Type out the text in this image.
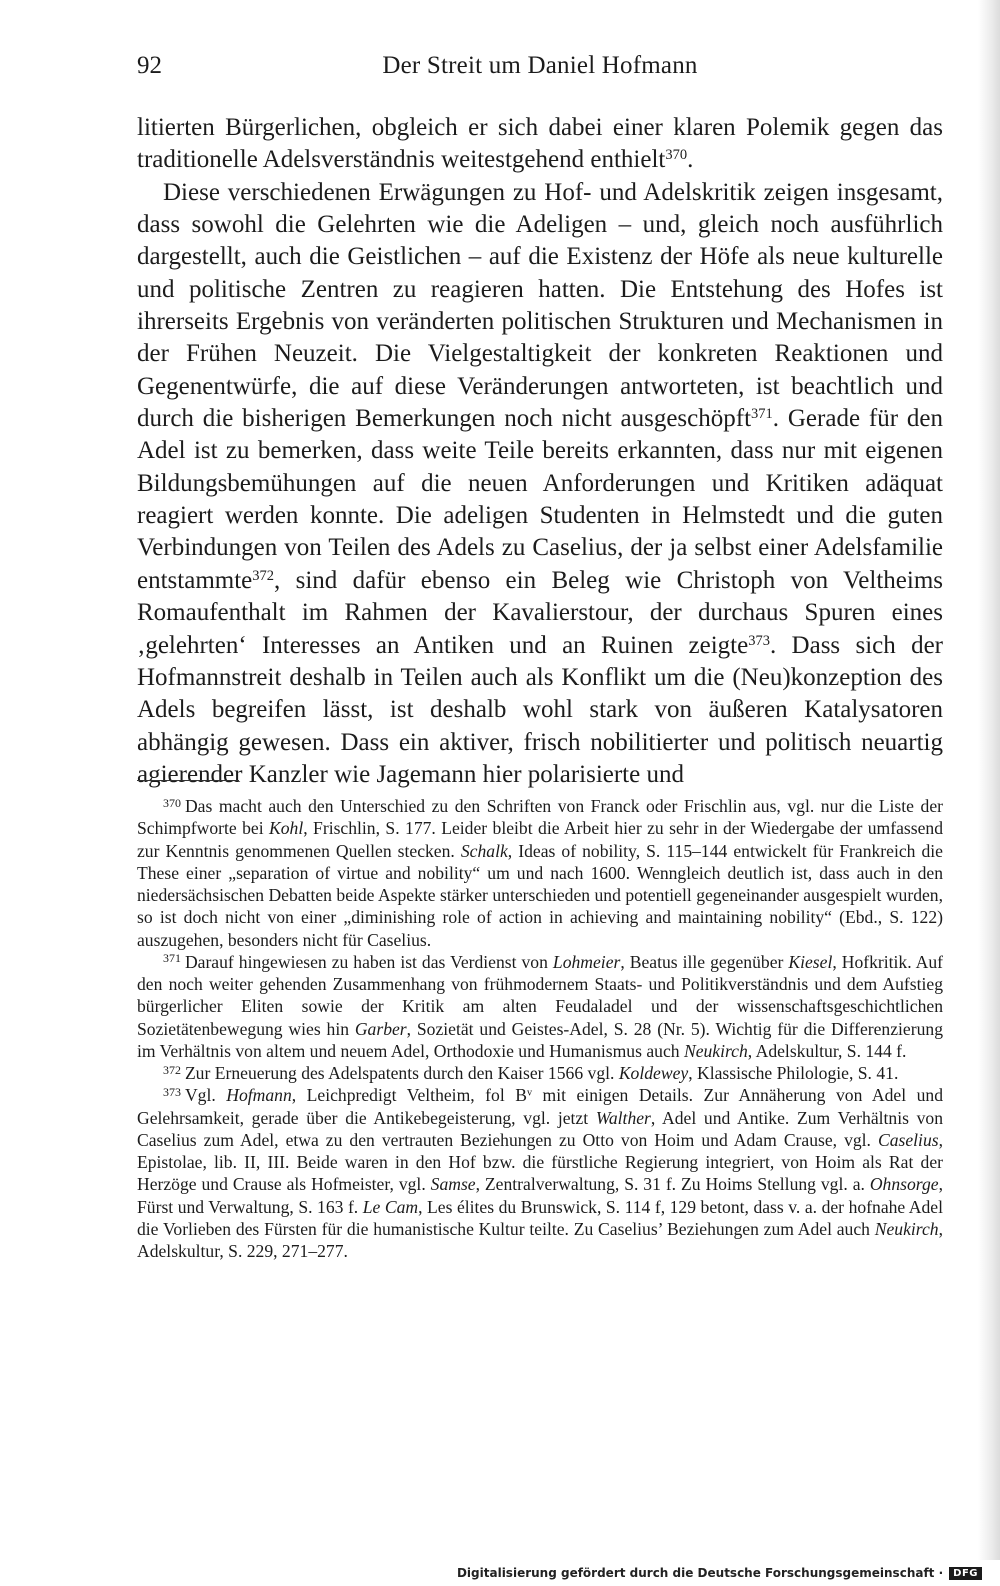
92	Der Streit um Daniel Hofmann

litierten Bürgerlichen, obgleich er sich dabei einer klaren Polemik gegen das traditionelle Adelsverständnis weitestgehend enthielt$^{370}$.

Diese verschiedenen Erwägungen zu Hof- und Adelskritik zeigen insgesamt, dass sowohl die Gelehrten wie die Adeligen – und, gleich noch ausführlich dargestellt, auch die Geistlichen – auf die Existenz der Höfe als neue kulturelle und politische Zentren zu reagieren hatten. Die Entstehung des Hofes ist ihrerseits Ergebnis von veränderten politischen Strukturen und Mechanismen in der Frühen Neuzeit. Die Vielgestaltigkeit der konkreten Reaktionen und Gegenentwürfe, die auf diese Veränderungen antworteten, ist beachtlich und durch die bisherigen Bemerkungen noch nicht ausgeschöpft$^{371}$. Gerade für den Adel ist zu bemerken, dass weite Teile bereits erkannten, dass nur mit eigenen Bildungsbemühungen auf die neuen Anforderungen und Kritiken adäquat reagiert werden konnte. Die adeligen Studenten in Helmstedt und die guten Verbindungen von Teilen des Adels zu Caselius, der ja selbst einer Adelsfamilie entstammte$^{372}$, sind dafür ebenso ein Beleg wie Christoph von Veltheims Romaufenthalt im Rahmen der Kavalierstour, der durchaus Spuren eines ‚gelehrten‘ Interesses an Antiken und an Ruinen zeigte$^{373}$. Dass sich der Hofmannstreit deshalb in Teilen auch als Konflikt um die (Neu)konzeption des Adels begreifen lässt, ist deshalb wohl stark von äußeren Katalysatoren abhängig gewesen. Dass ein aktiver, frisch nobilitierter und politisch neuartig agierender Kanzler wie Jagemann hier polarisierte und

$^{370}$ Das macht auch den Unterschied zu den Schriften von Franck oder Frischlin aus, vgl. nur die Liste der Schimpfworte bei Kohl, Frischlin, S. 177. Leider bleibt die Arbeit hier zu sehr in der Wiedergabe der umfassend zur Kenntnis genommenen Quellen stecken. Schalk, Ideas of nobility, S. 115–144 entwickelt für Frankreich die These einer „separation of virtue and nobility“ um und nach 1600. Wenngleich deutlich ist, dass auch in den niedersächsischen Debatten beide Aspekte stärker unterschieden und potentiell gegeneinander ausgespielt wurden, so ist doch nicht von einer „diminishing role of action in achieving and maintaining nobility“ (Ebd., S. 122) auszugehen, besonders nicht für Caselius.

$^{371}$ Darauf hingewiesen zu haben ist das Verdienst von Lohmeier, Beatus ille gegenüber Kiesel, Hofkritik. Auf den noch weiter gehenden Zusammenhang von frühmodernem Staats- und Politikverständnis und dem Aufstieg bürgerlicher Eliten sowie der Kritik am alten Feudaladel und der wissenschaftsgeschichtlichen Sozietätenbewegung wies hin Garber, Sozietät und Geistes-Adel, S. 28 (Nr. 5). Wichtig für die Differenzierung im Verhältnis von altem und neuem Adel, Orthodoxie und Humanismus auch Neukirch, Adelskultur, S. 144 f.

$^{372}$ Zur Erneuerung des Adelspatents durch den Kaiser 1566 vgl. Koldewey, Klassische Philologie, S. 41.

$^{373}$ Vgl. Hofmann, Leichpredigt Veltheim, fol $B^v$ mit einigen Details. Zur Annäherung von Adel und Gelehrsamkeit, gerade über die Antikebegeisterung, vgl. jetzt Walther, Adel und Antike. Zum Verhältnis von Caselius zum Adel, etwa zu den vertrauten Beziehungen zu Otto von Hoim und Adam Crause, vgl. Caselius, Epistolae, lib. II, III. Beide waren in den Hof bzw. die fürstliche Regierung integriert, von Hoim als Rat der Herzöge und Crause als Hofmeister, vgl. Samse, Zentralverwaltung, S. 31 f. Zu Hoims Stellung vgl. a. Ohnsorge, Fürst und Verwaltung, S. 163 f. Le Cam, Les élites du Brunswick, S. 114 f, 129 betont, dass v. a. der hofnahe Adel die Vorlieben des Fürsten für die humanistische Kultur teilte. Zu Caselius’ Beziehungen zum Adel auch Neukirch, Adelskultur, S. 229, 271–277.

Digitalisierung gefördert durch die Deutsche Forschungsgemeinschaft ·	DFG
